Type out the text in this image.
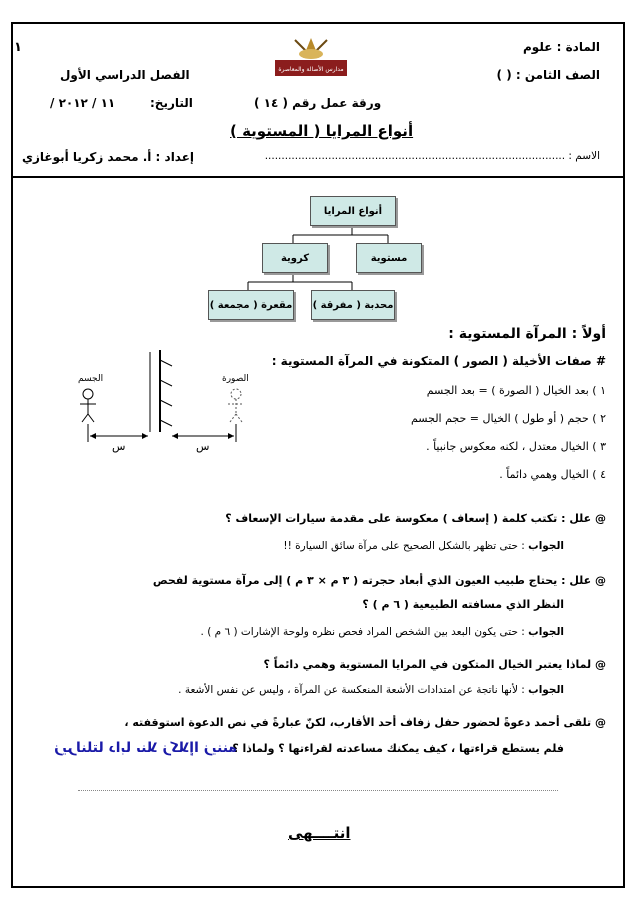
١	المادة : علوم
الصف الثامن : ( )
الفصل الدراسي الأول	مدارس الأصالة والمعاصرة
ورقة عمل رقم ( ١٤ )
التاريخ:
/ ١١ / ٢٠١٢
أنواع المرايا ( المستوية )
الاسم : ..........................................................................................
إعداد : أ. محمد زكريا أبوغازي
أنواع المرايا
مستوية
كروية
محدبة ( مفرقة )
مقعرة ( مجمعة )
أولاً : المرآة المستوية :
# صفات الأخيلة ( الصور ) المتكونة في المرآة المستوية :
١ ) بعد الخيال ( الصورة ) = بعد الجسم
٢ ) حجم ( أو طول ) الخيال = حجم الجسم
٣ ) الخيال معتدل ، لكنه معكوس جانبياً .
٤ ) الخيال وهمي دائماً .
الجسم	الصورة
س	س
@ علل : تكتب كلمة ( إسعاف ) معكوسة على مقدمة سيارات الإسعاف ؟
الجواب : حتى تظهر بالشكل الصحيح على مرآة سائق السيارة !!
@ علل : يحتاج طبيب العيون الذي أبعاد حجرته ( ٣ م × ٣ م ) إلى مرآة مستوية لفحص
النظر الذي مسافته الطبيعية ( ٦ م ) ؟
الجواب : حتى يكون البعد بين الشخص المراد فحص نظره ولوحة الإشارات ( ٦ م ) .
@ لماذا يعتبر الخيال المتكون في المرايا المستوية وهمي دائماً ؟
الجواب : لأنها ناتجة عن امتدادات الأشعة المنعكسة عن المرآة ، وليس عن نفس الأشعة .
@ تلقى أحمد دعوةً لحضور حفل زفاف أحد الأقارب، لكنّ عبارةً في نص الدعوة استوقفته ،
فلم يستطع قراءتها ، كيف يمكنك مساعدته لقراءتها ؟ ولماذا ؟
زيرلنلتا دابا ىنلا زكلاإا زيننه
انتــــهى
